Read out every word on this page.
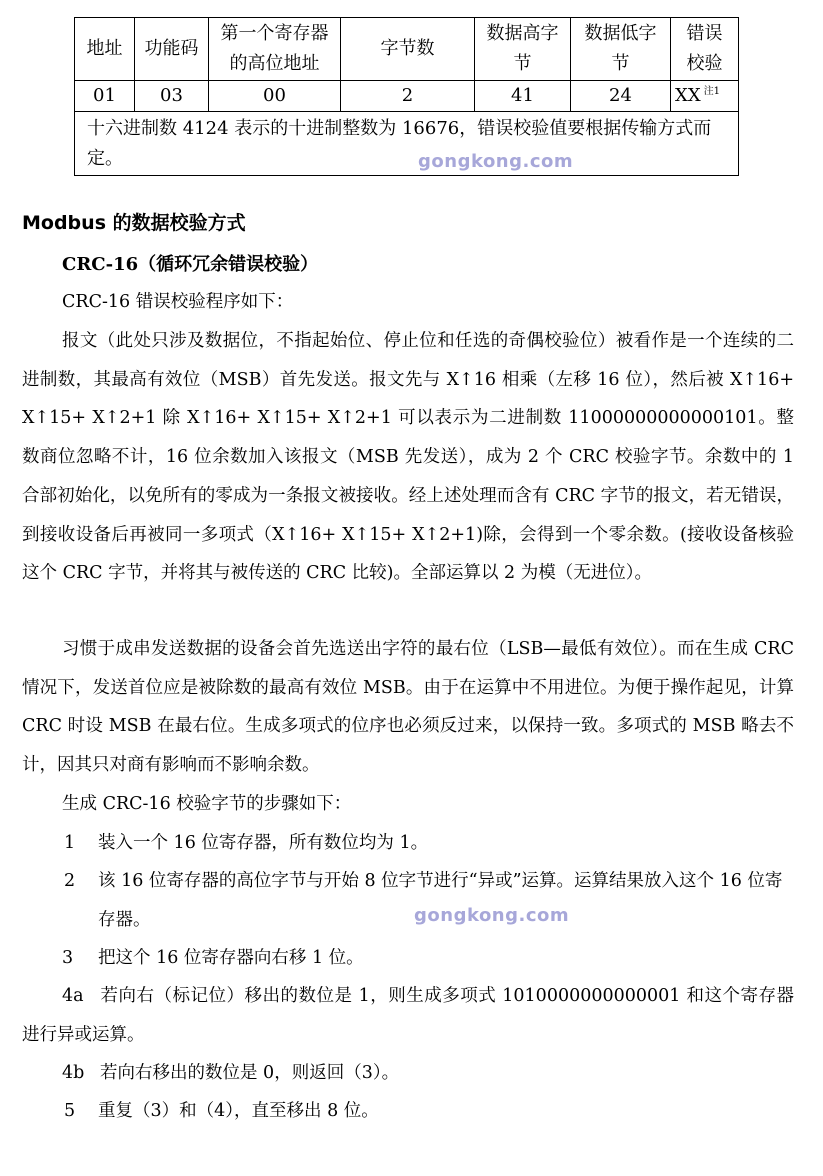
地址	功能码	第一个寄存器的高位地址	字节数	数据高字节	数据低字节	错误校验
01	03	00	2	41	24	XX $^{注1}$
十六进制数 4124 表示的十进制整数为 16676，错误校验值要根据传输方式而定。							gongkong.com
Modbus 的数据校验方式
CRC-16（循环冗余错误校验）
CRC-16 错误校验程序如下：

报文（此处只涉及数据位，不指起始位、停止位和任选的奇偶校验位）被看作是一个连续的二进制数，其最高有效位（MSB）首先发送。报文先与 X↑16 相乘（左移 16 位），然后被 X↑16+ X↑15+ X↑2+1 除 X↑16+ X↑15+ X↑2+1 可以表示为二进制数 11000000000000101。整数商位忽略不计，16 位余数加入该报文（MSB 先发送），成为 2 个 CRC 校验字节。余数中的 1 合部初始化，以免所有的零成为一条报文被接收。经上述处理而含有 CRC 字节的报文，若无错误，到接收设备后再被同一多项式（X↑16+ X↑15+ X↑2+1)除，会得到一个零余数。(接收设备核验这个 CRC 字节，并将其与被传送的 CRC 比较)。全部运算以 2 为模（无进位）。

习惯于成串发送数据的设备会首先选送出字符的最右位（LSB—最低有效位）。而在生成 CRC 情况下，发送首位应是被除数的最高有效位 MSB。由于在运算中不用进位。为便于操作起见，计算 CRC 时设 MSB 在最右位。生成多项式的位序也必须反过来，以保持一致。多项式的 MSB 略去不计，因其只对商有影响而不影响余数。

生成 CRC-16 校验字节的步骤如下：
1 装入一个 16 位寄存器，所有数位均为 1。
2 该 16 位寄存器的高位字节与开始 8 位字节进行“异或”运算。运算结果放入这个 16 位寄存器。	gongkong.com
3 把这个 16 位寄存器向右移 1 位。
4a 若向右（标记位）移出的数位是 1，则生成多项式 1010000000000001 和这个寄存器进行异或运算。
4b 若向右移出的数位是 0，则返回（3）。
5 重复（3）和（4），直至移出 8 位。
